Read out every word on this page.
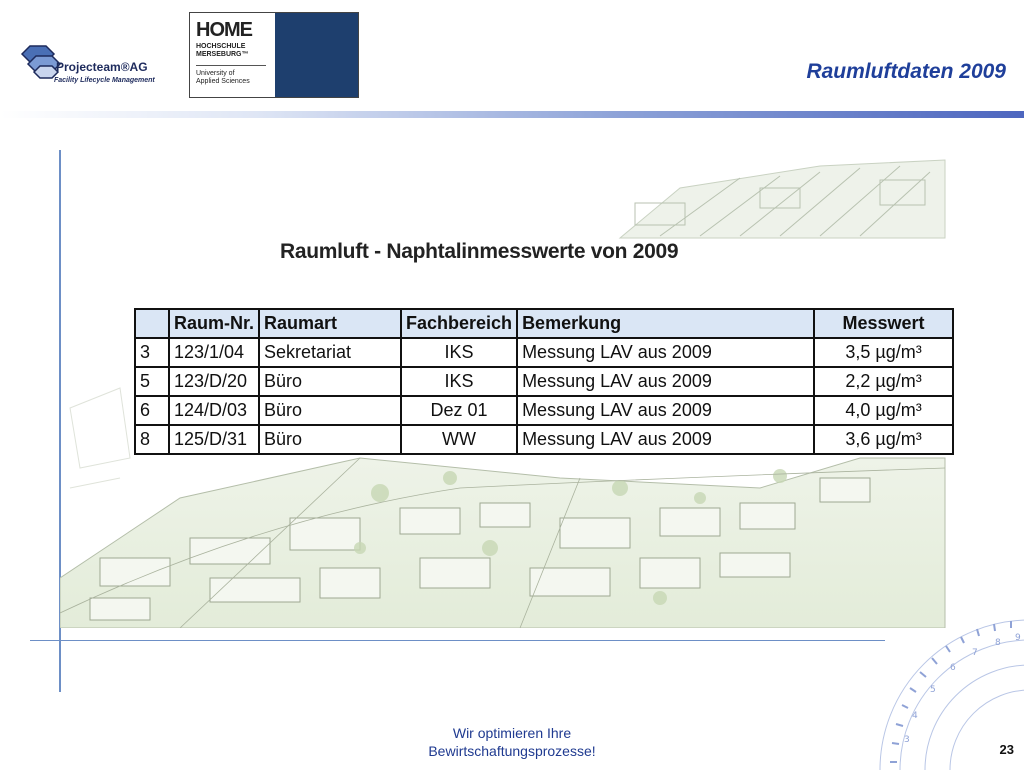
Projecteam®AG
Facility Lifecycle Management
HOME
HOCHSCHULE
MERSEBURG™
University of
Applied Sciences	Raumluftdaten 2009
Raumluft - Naphtalinmesswerte von 2009
	Raum-Nr.	Raumart	Fachbereich	Bemerkung	Messwert
3	123/1/04	Sekretariat	IKS	Messung LAV aus 2009	3,5 µg/m³
5	123/D/20	Büro	IKS	Messung LAV aus 2009	2,2 µg/m³
6	124/D/03	Büro	Dez 01	Messung LAV aus 2009	4,0 µg/m³
8	125/D/31	Büro	WW	Messung LAV aus 2009	3,6 µg/m³
5
6
7
8 9
4
3
Wir optimieren Ihre
Bewirtschaftungsprozesse!	23
